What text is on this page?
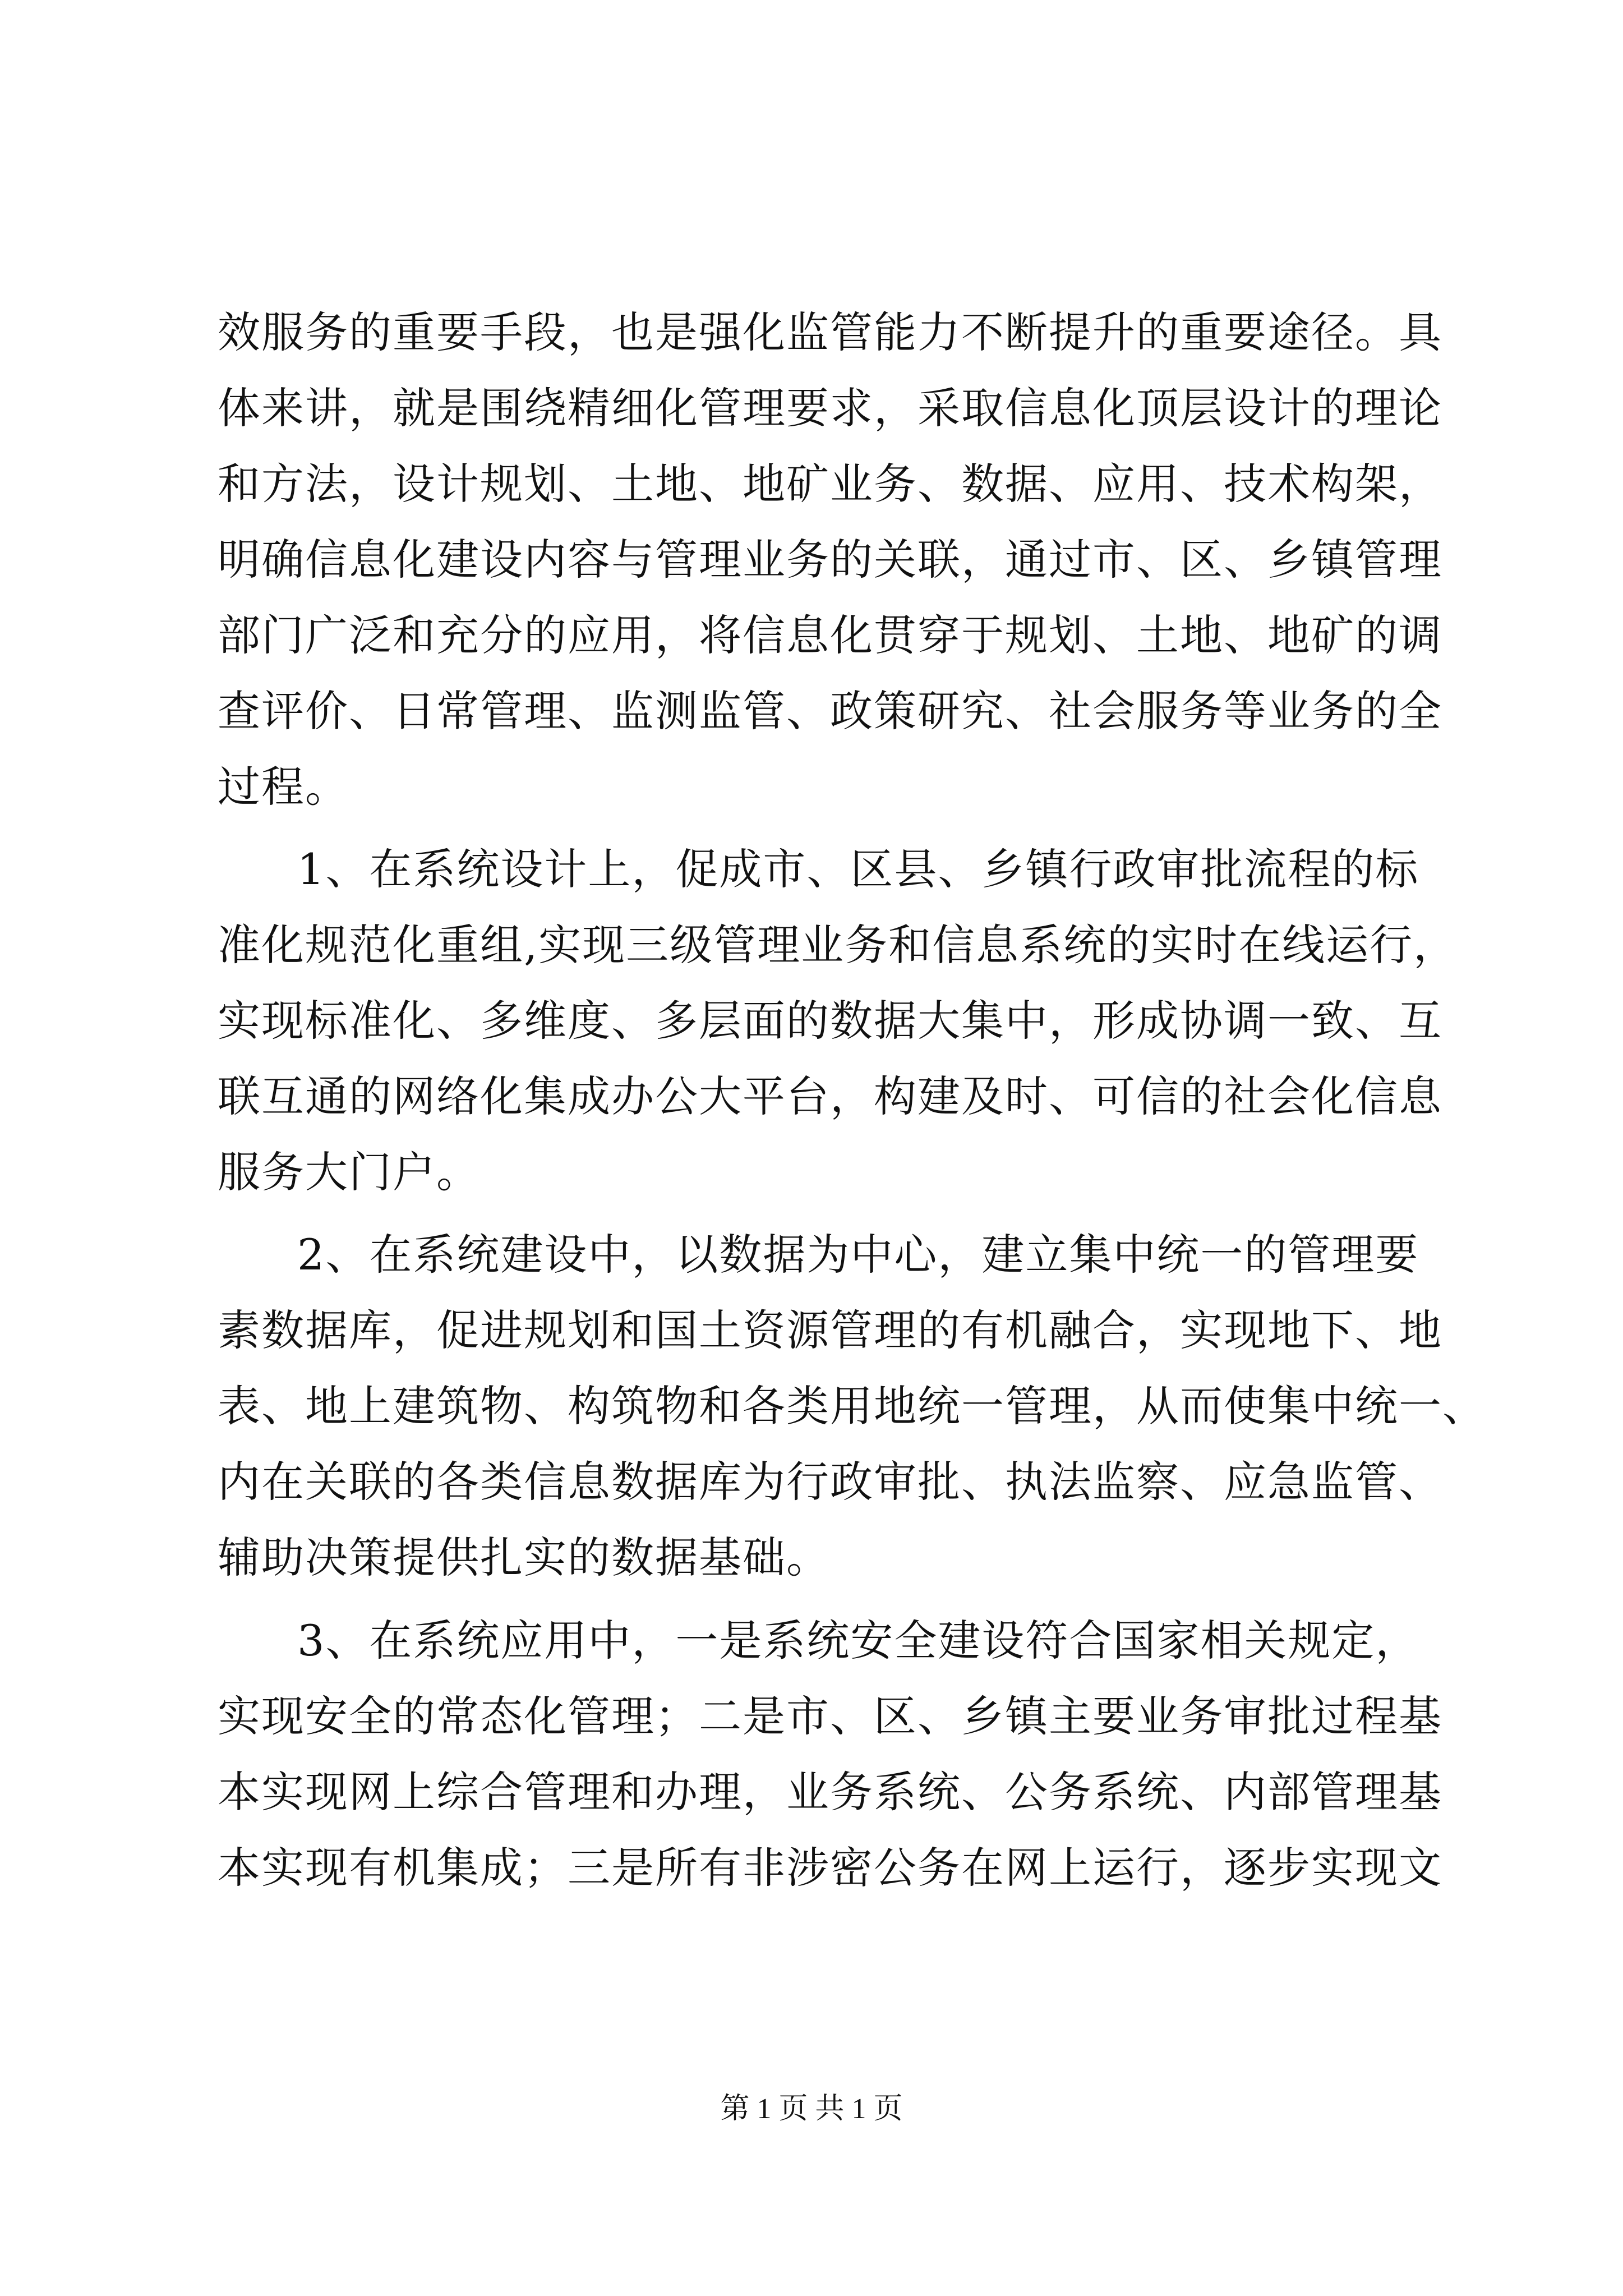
效服务的重要手段，也是强化监管能力不断提升的重要途径。具
体来讲，就是围绕精细化管理要求，采取信息化顶层设计的理论
和方法，设计规划、土地、地矿业务、数据、应用、技术构架，
明确信息化建设内容与管理业务的关联，通过市、区、乡镇管理
部门广泛和充分的应用，将信息化贯穿于规划、土地、地矿的调
查评价、日常管理、监测监管、政策研究、社会服务等业务的全
过程。
1、在系统设计上，促成市、区县、乡镇行政审批流程的标
准化规范化重组,实现三级管理业务和信息系统的实时在线运行，
实现标准化、多维度、多层面的数据大集中，形成协调一致、互
联互通的网络化集成办公大平台，构建及时、可信的社会化信息
服务大门户。
2、在系统建设中，以数据为中心，建立集中统一的管理要
素数据库，促进规划和国土资源管理的有机融合，实现地下、地
表、地上建筑物、构筑物和各类用地统一管理，从而使集中统一、
内在关联的各类信息数据库为行政审批、执法监察、应急监管、
辅助决策提供扎实的数据基础。
3、在系统应用中，一是系统安全建设符合国家相关规定，
实现安全的常态化管理；二是市、区、乡镇主要业务审批过程基
本实现网上综合管理和办理，业务系统、公务系统、内部管理基
本实现有机集成；三是所有非涉密公务在网上运行，逐步实现文
第 1 页 共 1 页
